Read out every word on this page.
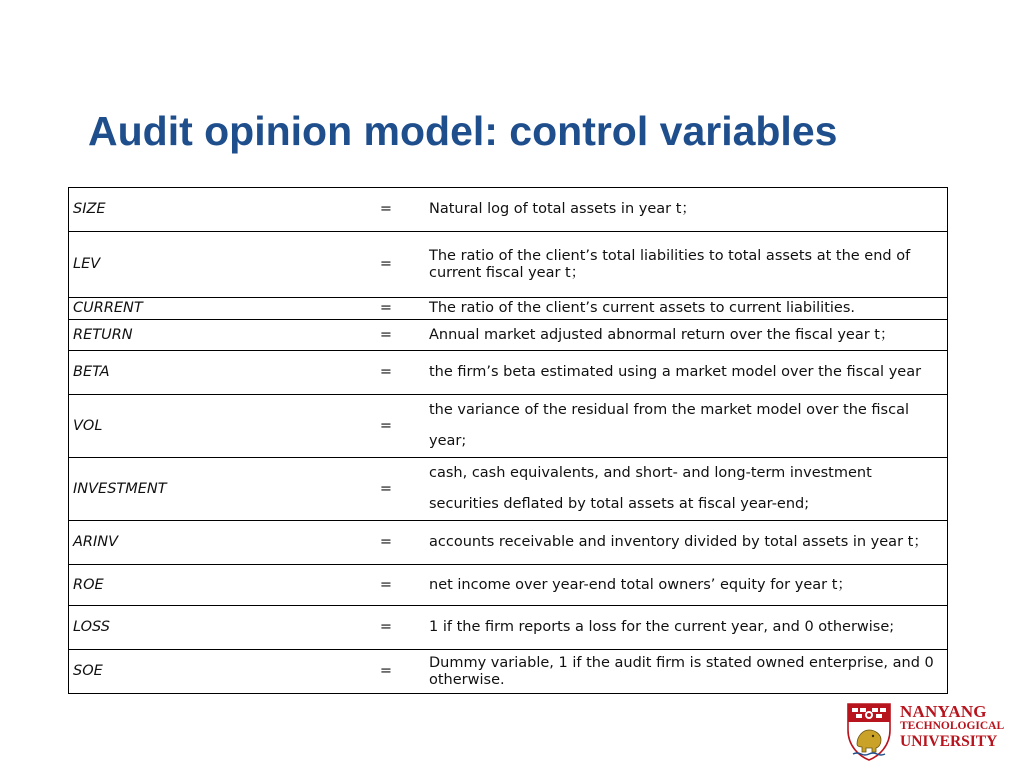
Audit opinion model: control variables
SIZE	=	Natural log of total assets in year t；
LEV	=	The ratio of the client’s total liabilities to total assets at the end of current fiscal year t；
CURRENT	=	The ratio of the client’s current assets to current liabilities.
RETURN	=	Annual market adjusted abnormal return over the fiscal year t；
BETA	=	the firm’s beta estimated using a market model over the fiscal year
VOL	=	the variance of the residual from the market model over the fiscal year;
INVESTMENT	=	cash, cash equivalents, and short- and long-term investment securities deflated by total assets at fiscal year-end;
ARINV	=	accounts receivable and inventory divided by total assets in year t；
ROE	=	net income over year-end total owners’ equity for year t；
LOSS	=	1 if the firm reports a loss for the current year, and 0 otherwise;
SOE	=	Dummy variable, 1 if the audit firm is stated owned enterprise, and 0 otherwise.
NANYANG
TECHNOLOGICAL
UNIVERSITY
